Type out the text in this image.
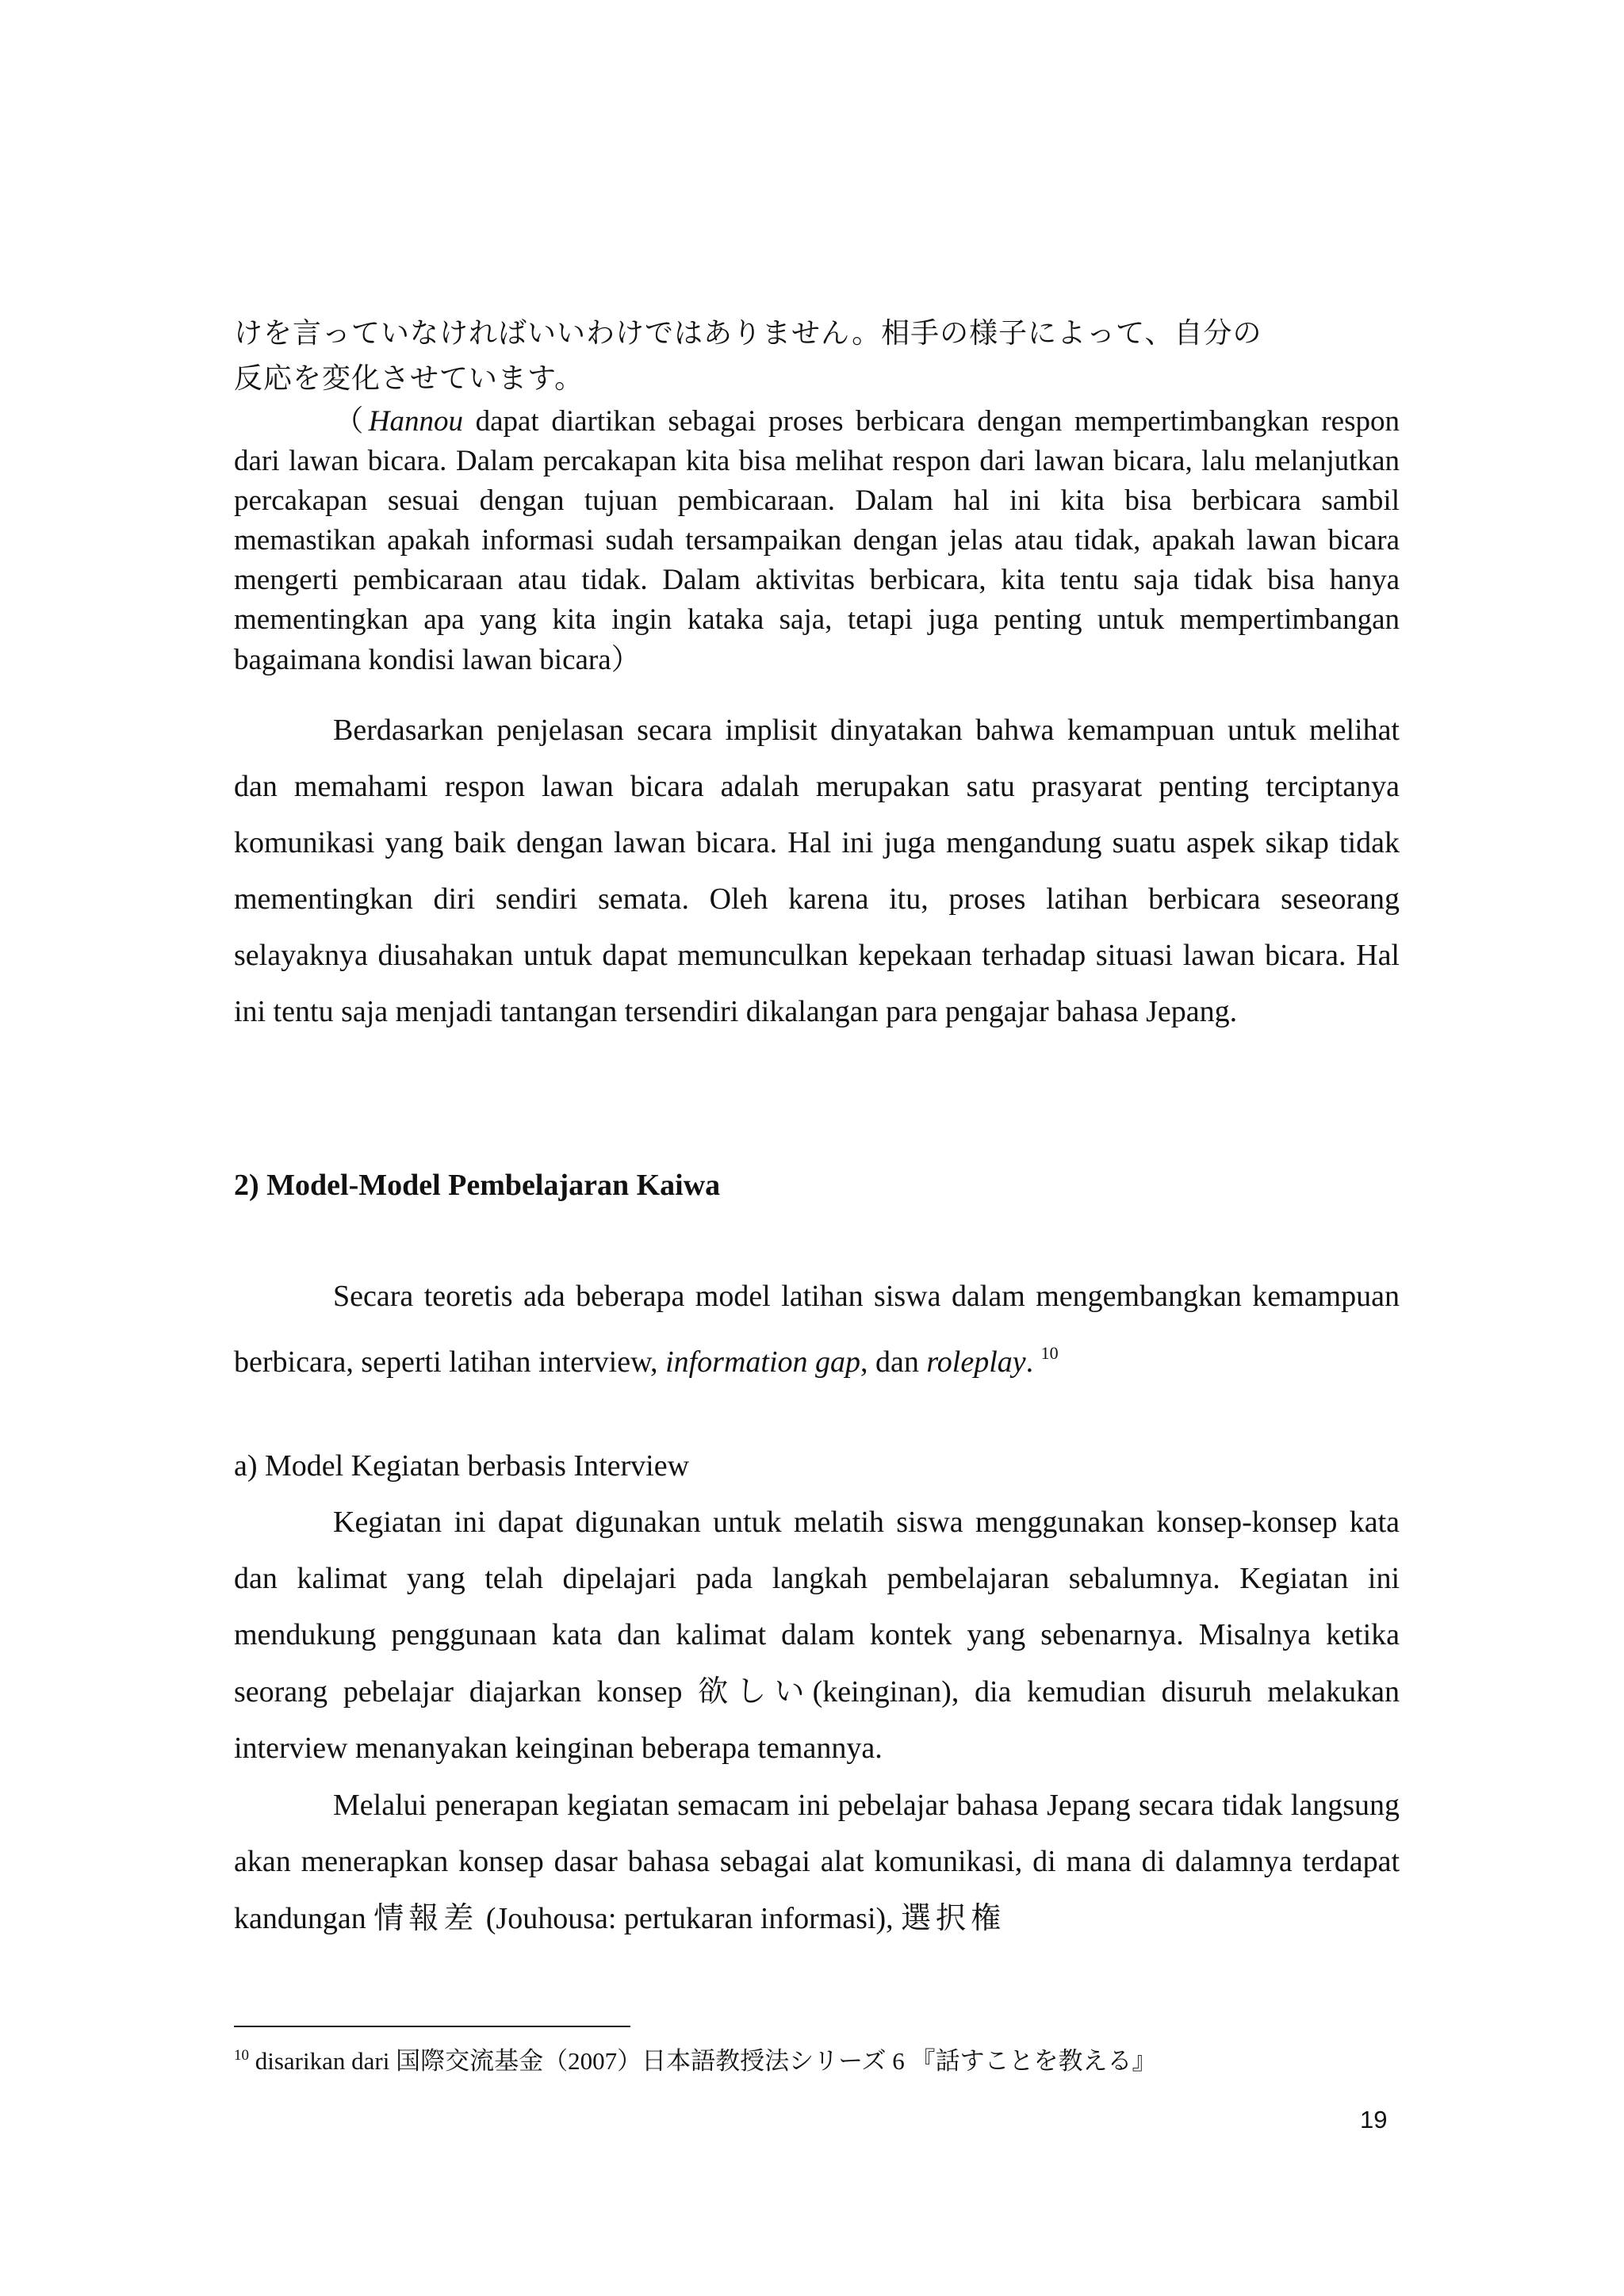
けを言っていなければいいわけではありません。相手の様子によって、自分の

反応を変化させています。

（Hannou dapat diartikan sebagai proses berbicara dengan mempertimbangkan respon dari lawan bicara. Dalam percakapan kita bisa melihat respon dari lawan bicara, lalu melanjutkan percakapan sesuai dengan tujuan pembicaraan. Dalam hal ini kita bisa berbicara sambil memastikan apakah informasi sudah tersampaikan dengan jelas atau tidak, apakah lawan bicara mengerti pembicaraan atau tidak. Dalam aktivitas berbicara, kita tentu saja tidak bisa hanya mementingkan apa yang kita ingin kataka saja, tetapi juga penting untuk mempertimbangan bagaimana kondisi lawan bicara）

Berdasarkan penjelasan secara implisit dinyatakan bahwa kemampuan untuk melihat dan memahami respon lawan bicara adalah merupakan satu prasyarat penting terciptanya komunikasi yang baik dengan lawan bicara. Hal ini juga mengandung suatu aspek sikap tidak mementingkan diri sendiri semata. Oleh karena itu, proses latihan berbicara seseorang selayaknya diusahakan untuk dapat memunculkan kepekaan terhadap situasi lawan bicara. Hal ini tentu saja menjadi tantangan tersendiri dikalangan para pengajar bahasa Jepang.

2) Model-Model Pembelajaran Kaiwa

Secara teoretis ada beberapa model latihan siswa dalam mengembangkan kemampuan berbicara, seperti latihan interview, information gap, dan roleplay. $^{10}$

a) Model Kegiatan berbasis Interview

Kegiatan ini dapat digunakan untuk melatih siswa menggunakan konsep-konsep kata dan kalimat yang telah dipelajari pada langkah pembelajaran sebalumnya. Kegiatan ini mendukung penggunaan kata dan kalimat dalam kontek yang sebenarnya. Misalnya ketika seorang pebelajar diajarkan konsep 欲しい(keinginan), dia kemudian disuruh melakukan interview menanyakan keinginan beberapa temannya.

Melalui penerapan kegiatan semacam ini pebelajar bahasa Jepang secara tidak langsung akan menerapkan konsep dasar bahasa sebagai alat komunikasi, di mana di dalamnya terdapat kandungan 情報差 (Jouhousa: pertukaran informasi), 選択権

$^{10}$ disarikan dari 国際交流基金（2007）日本語教授法シリーズ 6 『話すことを教える』
19
